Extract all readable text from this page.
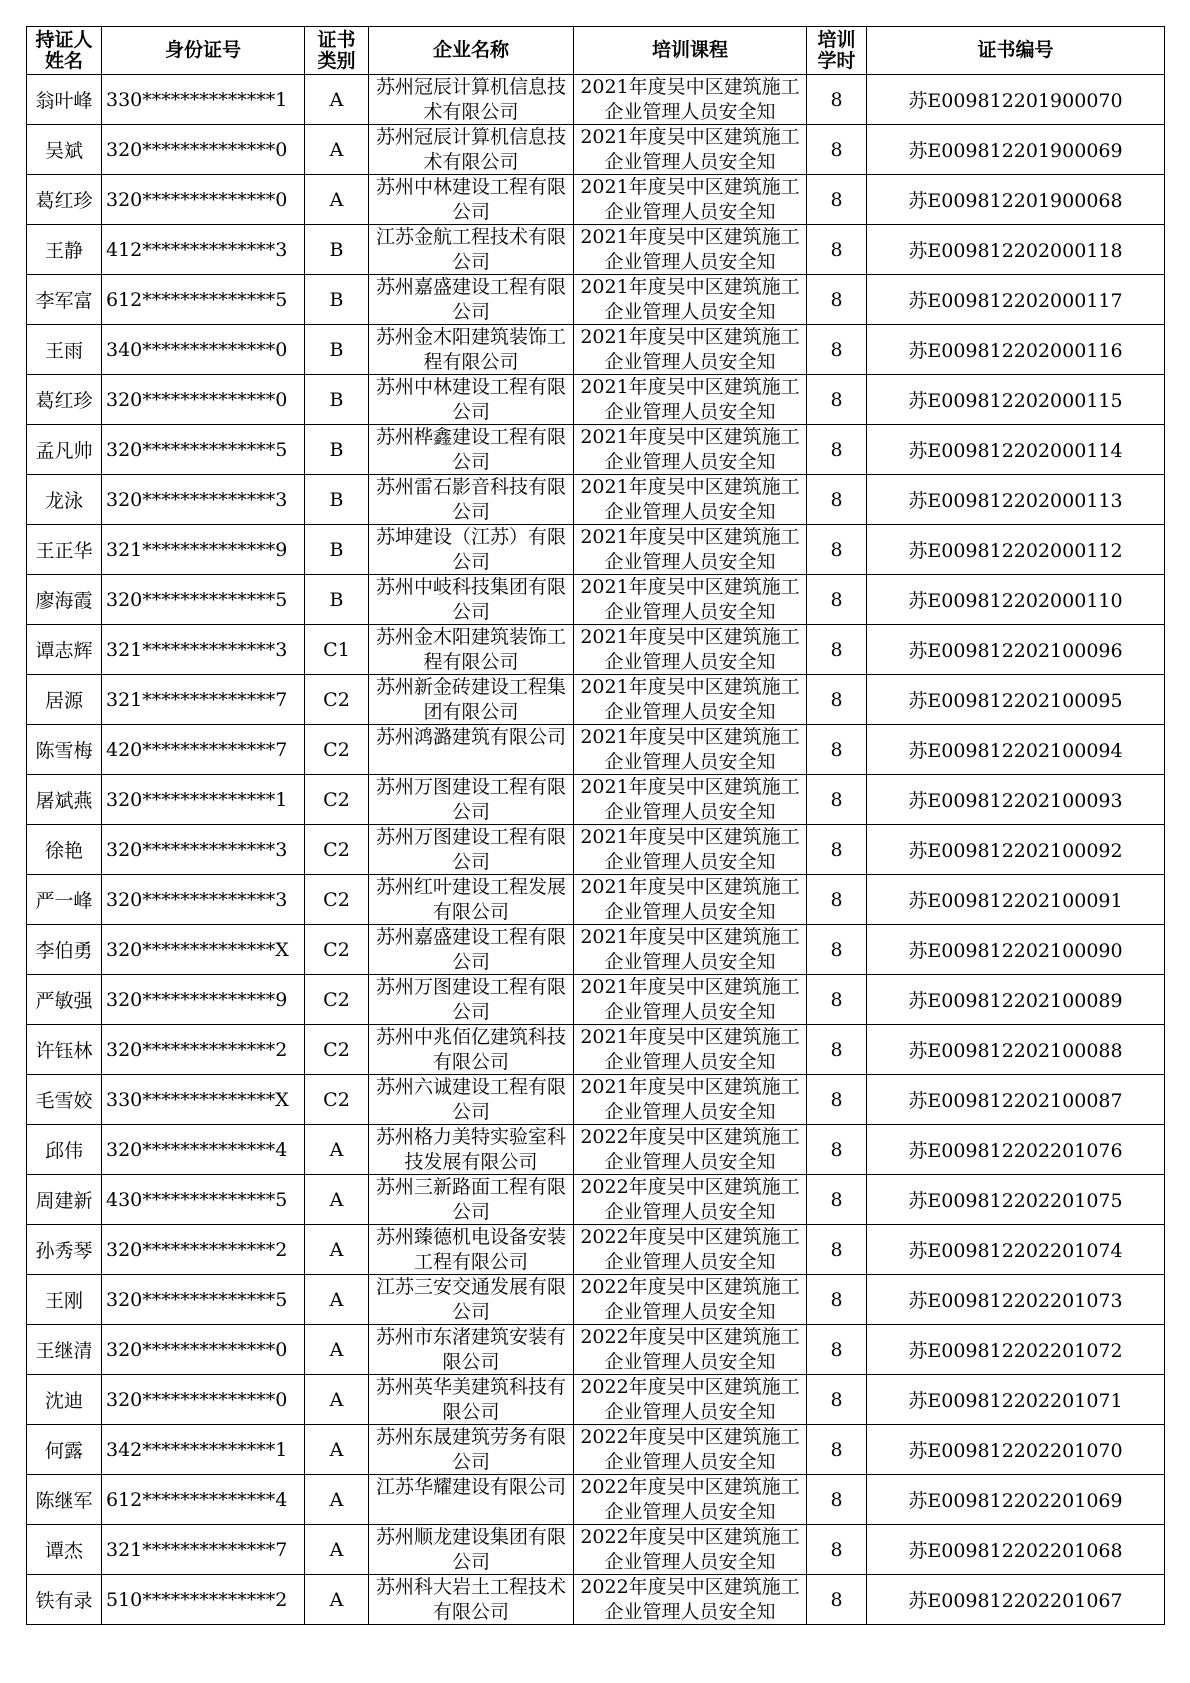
持证人姓名	身份证号	证书类别	企业名称	培训课程	培训学时	证书编号
翁叶峰	330**************1	A	苏州冠辰计算机信息技术有限公司	2021年度吴中区建筑施工企业管理人员安全知	8	苏E009812201900070
吴斌	320**************0	A	苏州冠辰计算机信息技术有限公司	2021年度吴中区建筑施工企业管理人员安全知	8	苏E009812201900069
葛红珍	320**************0	A	苏州中林建设工程有限公司	2021年度吴中区建筑施工企业管理人员安全知	8	苏E009812201900068
王静	412**************3	B	江苏金航工程技术有限公司	2021年度吴中区建筑施工企业管理人员安全知	8	苏E009812202000118
李军富	612**************5	B	苏州嘉盛建设工程有限公司	2021年度吴中区建筑施工企业管理人员安全知	8	苏E009812202000117
王雨	340**************0	B	苏州金木阳建筑装饰工程有限公司	2021年度吴中区建筑施工企业管理人员安全知	8	苏E009812202000116
葛红珍	320**************0	B	苏州中林建设工程有限公司	2021年度吴中区建筑施工企业管理人员安全知	8	苏E009812202000115
孟凡帅	320**************5	B	苏州桦鑫建设工程有限公司	2021年度吴中区建筑施工企业管理人员安全知	8	苏E009812202000114
龙泳	320**************3	B	苏州雷石影音科技有限公司	2021年度吴中区建筑施工企业管理人员安全知	8	苏E009812202000113
王正华	321**************9	B	苏坤建设（江苏）有限公司	2021年度吴中区建筑施工企业管理人员安全知	8	苏E009812202000112
廖海霞	320**************5	B	苏州中岐科技集团有限公司	2021年度吴中区建筑施工企业管理人员安全知	8	苏E009812202000110
谭志辉	321**************3	C1	苏州金木阳建筑装饰工程有限公司	2021年度吴中区建筑施工企业管理人员安全知	8	苏E009812202100096
居源	321**************7	C2	苏州新金砖建设工程集团有限公司	2021年度吴中区建筑施工企业管理人员安全知	8	苏E009812202100095
陈雪梅	420**************7	C2	苏州鸿潞建筑有限公司	2021年度吴中区建筑施工企业管理人员安全知	8	苏E009812202100094
屠斌燕	320**************1	C2	苏州万图建设工程有限公司	2021年度吴中区建筑施工企业管理人员安全知	8	苏E009812202100093
徐艳	320**************3	C2	苏州万图建设工程有限公司	2021年度吴中区建筑施工企业管理人员安全知	8	苏E009812202100092
严一峰	320**************3	C2	苏州红叶建设工程发展有限公司	2021年度吴中区建筑施工企业管理人员安全知	8	苏E009812202100091
李伯勇	320**************X	C2	苏州嘉盛建设工程有限公司	2021年度吴中区建筑施工企业管理人员安全知	8	苏E009812202100090
严敏强	320**************9	C2	苏州万图建设工程有限公司	2021年度吴中区建筑施工企业管理人员安全知	8	苏E009812202100089
许钰林	320**************2	C2	苏州中兆佰亿建筑科技有限公司	2021年度吴中区建筑施工企业管理人员安全知	8	苏E009812202100088
毛雪姣	330**************X	C2	苏州六诚建设工程有限公司	2021年度吴中区建筑施工企业管理人员安全知	8	苏E009812202100087
邱伟	320**************4	A	苏州格力美特实验室科技发展有限公司	2022年度吴中区建筑施工企业管理人员安全知	8	苏E009812202201076
周建新	430**************5	A	苏州三新路面工程有限公司	2022年度吴中区建筑施工企业管理人员安全知	8	苏E009812202201075
孙秀琴	320**************2	A	苏州臻德机电设备安装工程有限公司	2022年度吴中区建筑施工企业管理人员安全知	8	苏E009812202201074
王刚	320**************5	A	江苏三安交通发展有限公司	2022年度吴中区建筑施工企业管理人员安全知	8	苏E009812202201073
王继清	320**************0	A	苏州市东渚建筑安装有限公司	2022年度吴中区建筑施工企业管理人员安全知	8	苏E009812202201072
沈迪	320**************0	A	苏州英华美建筑科技有限公司	2022年度吴中区建筑施工企业管理人员安全知	8	苏E009812202201071
何露	342**************1	A	苏州东晟建筑劳务有限公司	2022年度吴中区建筑施工企业管理人员安全知	8	苏E009812202201070
陈继军	612**************4	A	江苏华耀建设有限公司	2022年度吴中区建筑施工企业管理人员安全知	8	苏E009812202201069
谭杰	321**************7	A	苏州顺龙建设集团有限公司	2022年度吴中区建筑施工企业管理人员安全知	8	苏E009812202201068
铁有录	510**************2	A	苏州科大岩土工程技术有限公司	2022年度吴中区建筑施工企业管理人员安全知	8	苏E009812202201067
